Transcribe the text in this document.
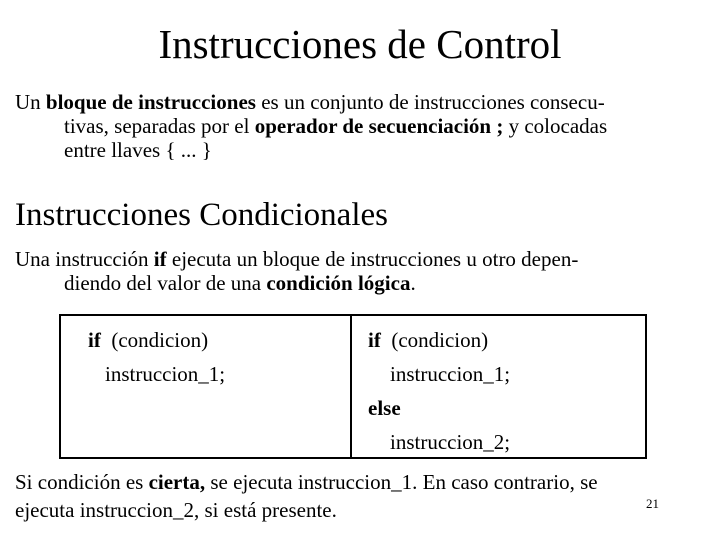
Instrucciones de Control
Un bloque de instrucciones es un conjunto de instrucciones consecu-
tivas, separadas por el operador de secuenciación ; y colocadas
entre llaves { ... }
Instrucciones Condicionales
Una instrucción if ejecuta un bloque de instrucciones u otro depen-
diendo del valor de una condición lógica.
if  (condicion)
instruccion_1;
if  (condicion)
instruccion_1;
else
instruccion_2;
Si condición es cierta, se ejecuta instruccion_1. En caso contrario, se
ejecuta instruccion_2, si está presente.	21
